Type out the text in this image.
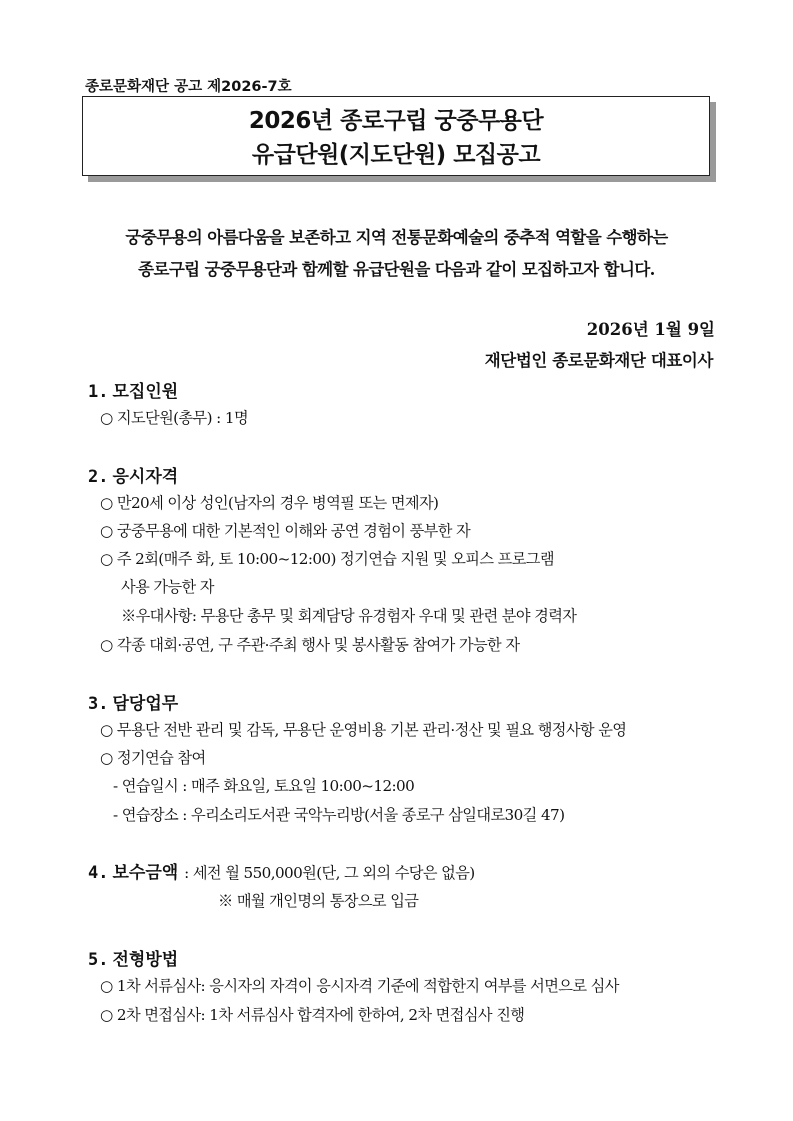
종로문화재단 공고 제2026-7호
2026년 종로구립 궁중무용단
유급단원(지도단원) 모집공고
궁중무용의 아름다움을 보존하고 지역 전통문화예술의 중추적 역할을 수행하는
종로구립 궁중무용단과 함께할 유급단원을 다음과 같이 모집하고자 합니다.
2026년 1월 9일
재단법인 종로문화재단 대표이사
1. 모집인원
○ 지도단원(총무) : 1명
2. 응시자격
○ 만20세 이상 성인(남자의 경우 병역필 또는 면제자)
○ 궁중무용에 대한 기본적인 이해와 공연 경험이 풍부한 자
○ 주 2회(매주 화, 토 10:00~12:00) 정기연습 지원 및 오피스 프로그램
사용 가능한 자
※우대사항: 무용단 총무 및 회계담당 유경험자 우대 및 관련 분야 경력자
○ 각종 대회·공연, 구 주관·주최 행사 및 봉사활동 참여가 가능한 자
3. 담당업무
○ 무용단 전반 관리 및 감독, 무용단 운영비용 기본 관리·정산 및 필요 행정사항 운영
○ 정기연습 참여
- 연습일시 : 매주 화요일, 토요일 10:00~12:00
- 연습장소 : 우리소리도서관 국악누리방(서울 종로구 삼일대로30길 47)
4. 보수금액 : 세전 월 550,000원(단, 그 외의 수당은 없음)
※ 매월 개인명의 통장으로 입금
5. 전형방법
○ 1차 서류심사: 응시자의 자격이 응시자격 기준에 적합한지 여부를 서면으로 심사
○ 2차 면접심사: 1차 서류심사 합격자에 한하여, 2차 면접심사 진행
